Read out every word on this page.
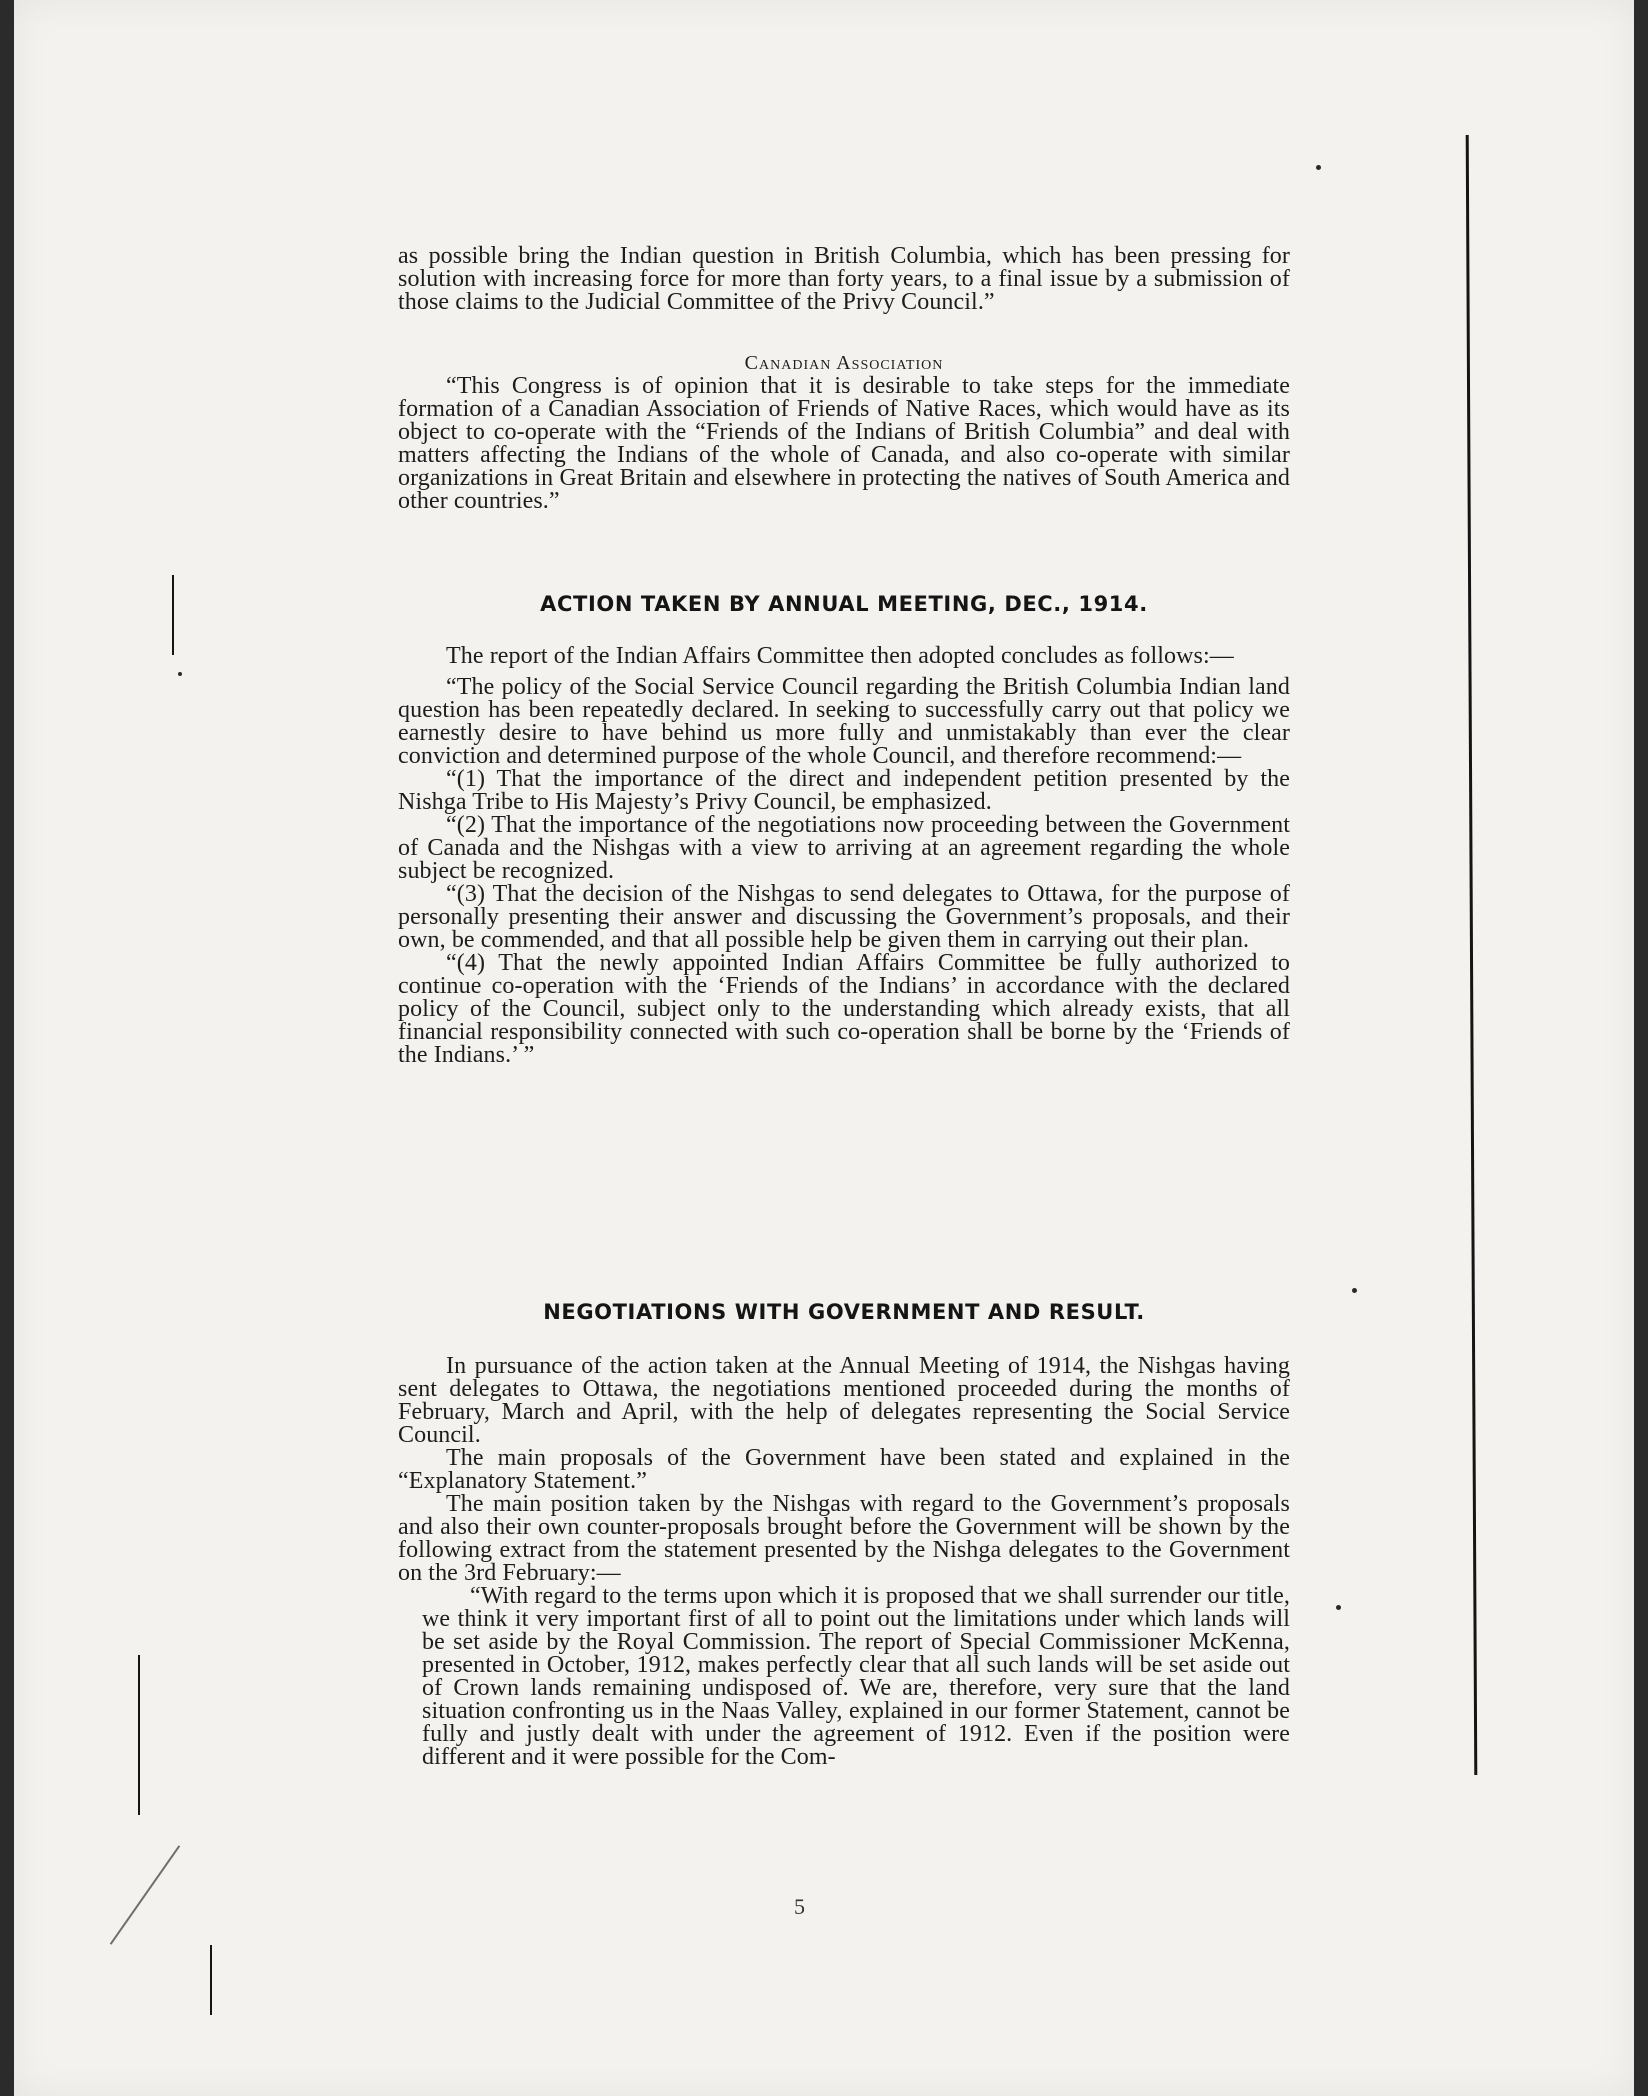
as possible bring the Indian question in British Columbia, which has been pressing for solution with increasing force for more than forty years, to a final issue by a submission of those claims to the Judicial Committee of the Privy Council.”

Canadian Association

“This Congress is of opinion that it is desirable to take steps for the immediate formation of a Canadian Association of Friends of Native Races, which would have as its object to co-operate with the “Friends of the Indians of British Columbia” and deal with matters affecting the Indians of the whole of Canada, and also co-operate with similar organizations in Great Britain and elsewhere in protecting the natives of South America and other countries.”

ACTION TAKEN BY ANNUAL MEETING, DEC., 1914.

The report of the Indian Affairs Committee then adopted concludes as follows:—

“The policy of the Social Service Council regarding the British Columbia Indian land question has been repeatedly declared. In seeking to successfully carry out that policy we earnestly desire to have behind us more fully and unmistakably than ever the clear conviction and determined purpose of the whole Council, and therefore recommend:—

“(1) That the importance of the direct and independent petition presented by the Nishga Tribe to His Majesty’s Privy Council, be emphasized.

“(2) That the importance of the negotiations now proceeding between the Government of Canada and the Nishgas with a view to arriving at an agreement regarding the whole subject be recognized.

“(3) That the decision of the Nishgas to send delegates to Ottawa, for the purpose of personally presenting their answer and discussing the Government’s proposals, and their own, be commended, and that all possible help be given them in carrying out their plan.

“(4) That the newly appointed Indian Affairs Committee be fully authorized to continue co-operation with the ‘Friends of the Indians’ in accordance with the declared policy of the Council, subject only to the understanding which already exists, that all financial responsibility connected with such co-operation shall be borne by the ‘Friends of the Indians.’ ”

NEGOTIATIONS WITH GOVERNMENT AND RESULT.

In pursuance of the action taken at the Annual Meeting of 1914, the Nishgas having sent delegates to Ottawa, the negotiations mentioned proceeded during the months of February, March and April, with the help of delegates representing the Social Service Council.

The main proposals of the Government have been stated and explained in the “Explanatory Statement.”

The main position taken by the Nishgas with regard to the Government’s proposals and also their own counter-proposals brought before the Government will be shown by the following extract from the statement presented by the Nishga delegates to the Government on the 3rd February:—

“With regard to the terms upon which it is proposed that we shall surrender our title, we think it very important first of all to point out the limitations under which lands will be set aside by the Royal Commission. The report of Special Commissioner McKenna, presented in October, 1912, makes perfectly clear that all such lands will be set aside out of Crown lands remaining undisposed of. We are, therefore, very sure that the land situation confronting us in the Naas Valley, explained in our former Statement, cannot be fully and justly dealt with under the agreement of 1912. Even if the position were different and it were possible for the Com-

5
